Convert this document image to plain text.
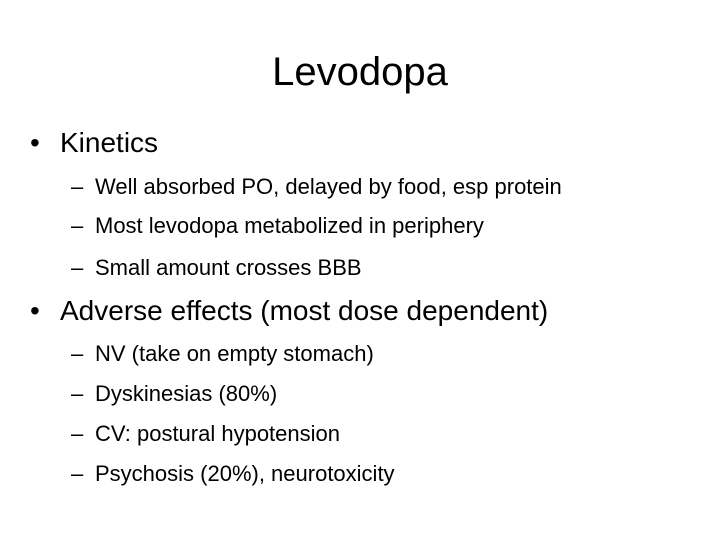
Levodopa
• Kinetics
– Well absorbed PO, delayed by food, esp protein
– Most levodopa metabolized in periphery
– Small amount crosses BBB
• Adverse effects (most dose dependent)
– NV (take on empty stomach)
– Dyskinesias (80%)
– CV: postural hypotension
– Psychosis (20%), neurotoxicity
